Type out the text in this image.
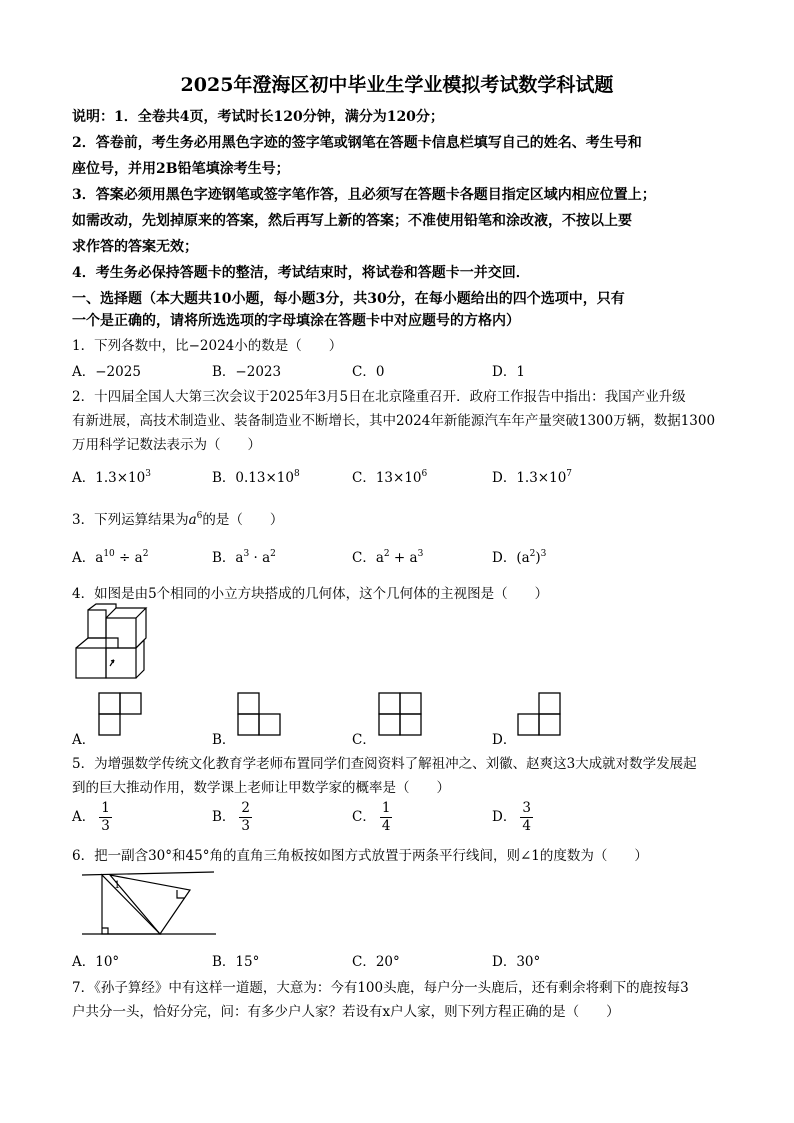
2025年澄海区初中毕业生学业模拟考试数学科试题
说明：1．全卷共4页，考试时长120分钟，满分为120分；
2．答卷前，考生务必用黑色字迹的签字笔或钢笔在答题卡信息栏填写自己的姓名、考生号和
座位号，并用2B铅笔填涂考生号；
3．答案必须用黑色字迹钢笔或签字笔作答，且必须写在答题卡各题目指定区域内相应位置上；
如需改动，先划掉原来的答案，然后再写上新的答案；不准使用铅笔和涂改液，不按以上要
求作答的答案无效；
4．考生务必保持答题卡的整洁，考试结束时，将试卷和答题卡一并交回．
一、选择题（本大题共10小题，每小题3分，共30分，在每小题给出的四个选项中，只有
一个是正确的，请将所选选项的字母填涂在答题卡中对应题号的方格内）
1．下列各数中，比−2024小的数是（　　）
A．−2025	B．−2023	C．0	D．1
2．十四届全国人大第三次会议于2025年3月5日在北京隆重召开．政府工作报告中指出：我国产业升级
有新进展，高技术制造业、装备制造业不断增长，其中2024年新能源汽车年产量突破1300万辆，数据1300
万用科学记数法表示为（　　）
A．$1.3\times 10^3$	B．$0.13\times 10^8$	C．$13\times 10^6$	D．$1.3\times 10^7$
3．下列运算结果为$a^6$的是（　　）
A．$a^{10} \div a^2$	B．$a^3 \cdot a^2$	C．$a^2 + a^3$	D．$(a^2)^3$
4．如图是由5个相同的小立方块搭成的几何体，这个几何体的主视图是（　　）
A．	B．	C．	D．
5．为增强数学传统文化教育学老师布置同学们查阅资料了解祖冲之、刘徽、赵爽这3大成就对数学发展起
到的巨大推动作用，数学课上老师让甲数学家的概率是（　　）
A． $\frac{1}{3}$	B． $\frac{2}{3}$	C． $\frac{1}{4}$	D． $\frac{3}{4}$
6．把一副含30°和45°角的直角三角板按如图方式放置于两条平行线间，则∠1的度数为（　　）
1
A．10°	B．15°	C．20°	D．30°
7．《孙子算经》中有这样一道题，大意为：今有100头鹿，每户分一头鹿后，还有剩余将剩下的鹿按每3
户共分一头，恰好分完，问：有多少户人家？若设有x户人家，则下列方程正确的是（　　）
